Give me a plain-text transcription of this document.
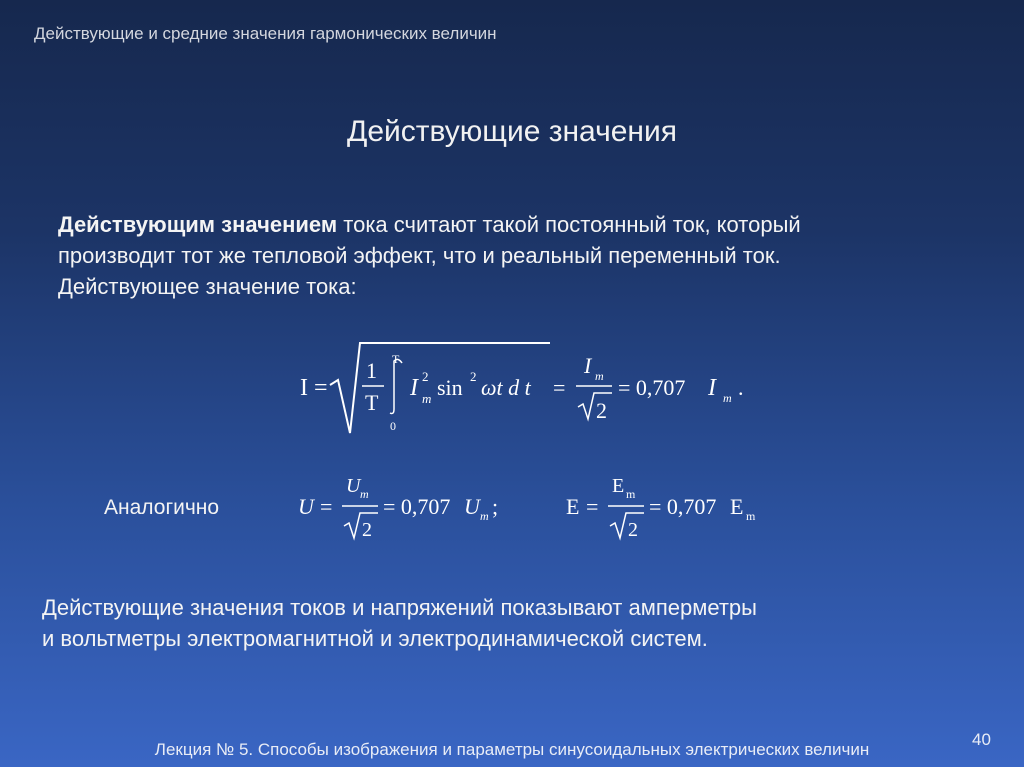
Действующие и средние значения гармонических величин
Действующие значения
Действующим значением тока считают такой постоянный ток, который
производит тот же тепловой эффект, что и реальный переменный ток.
Действующее значение тока:
I =
1
T
T
0
I 2
m sin 2 ωt d t =
I m
2
= 0,707 I m .
Аналогично	U =
U m
2
= 0,707 U m ;	E =
E m
2
= 0,707 E m
Действующие значения токов и напряжений показывают амперметры
и вольтметры электромагнитной и электродинамической систем.
Лекция № 5. Способы изображения и параметры синусоидальных электрических величин
40
